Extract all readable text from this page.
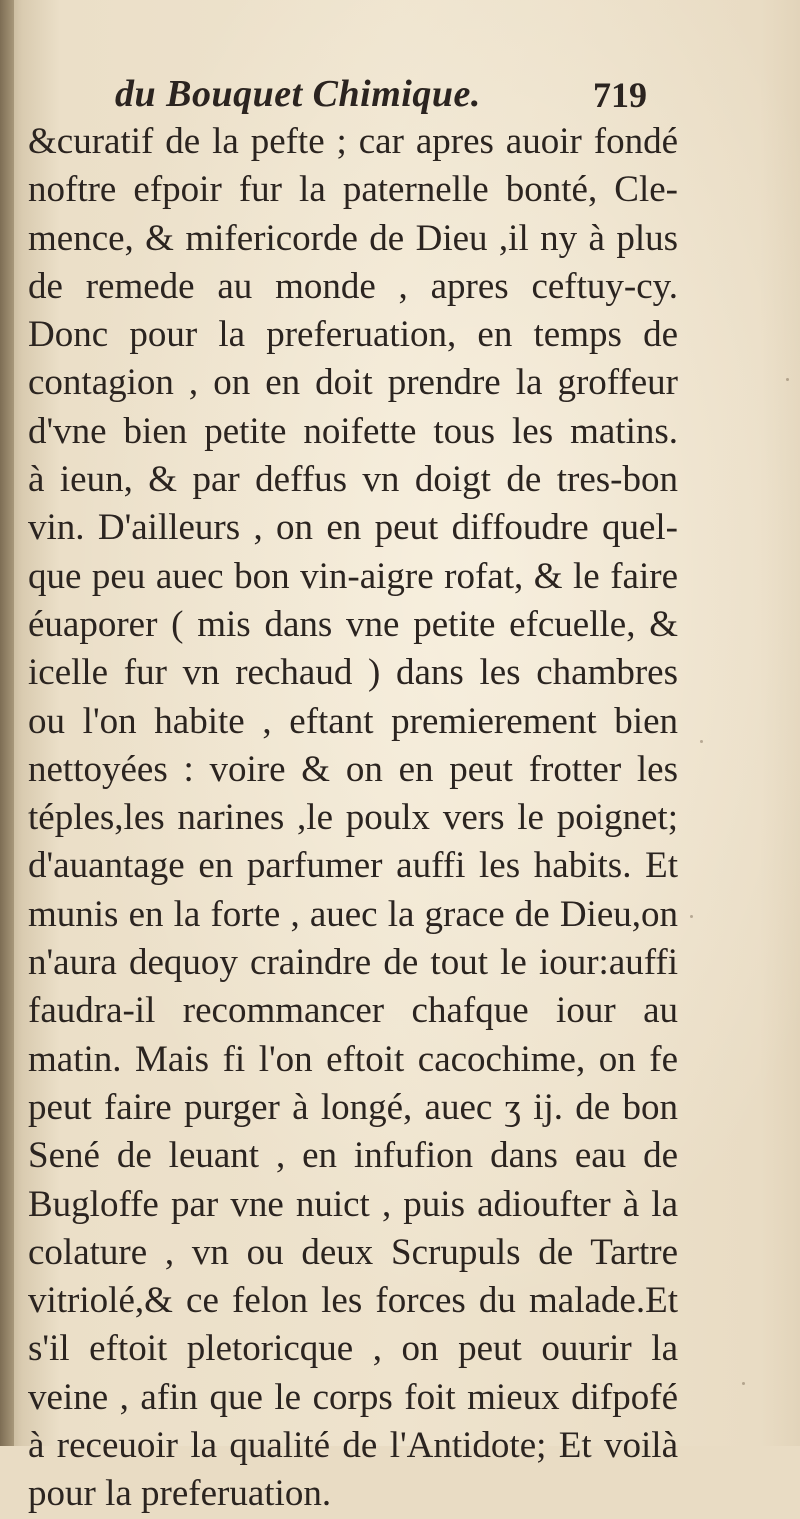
du Bouquet Chimique.	719
&curatif de la pefte ; car apres auoir fondé
noftre efpoir fur la paternelle bonté, Cle-
mence, & mifericorde de Dieu ,il ny à plus
de remede au monde , apres ceftuy-cy.
Donc pour la preferuation, en temps de
contagion , on en doit prendre la groffeur
d'vne bien petite noifette tous les matins.
à ieun, & par deffus vn doigt de tres-bon
vin. D'ailleurs , on en peut diffoudre quel-
que peu auec bon vin-aigre rofat, & le faire
éuaporer ( mis dans vne petite efcuelle, &
icelle fur vn rechaud ) dans les chambres
ou l'on habite , eftant premierement bien
nettoyées : voire & on en peut frotter les
téples,les narines ,le poulx vers le poignet;
d'auantage en parfumer auffi les habits. Et
munis en la forte , auec la grace de Dieu,on
n'aura dequoy craindre de tout le iour:auffi
faudra-il recommancer chafque iour au
matin. Mais fi l'on eftoit cacochime, on fe
peut faire purger à longé, auec ʒ ij. de bon
Sené de leuant , en infufion dans eau de
Bugloffe par vne nuict , puis adioufter à la
colature , vn ou deux Scrupuls de Tartre
vitriolé,& ce felon les forces du malade.Et
s'il eftoit pletoricque , on peut ouurir la
veine , afin que le corps foit mieux difpofé
à receuoir la qualité de l'Antidote; Et voilà
pour la preferuation.
